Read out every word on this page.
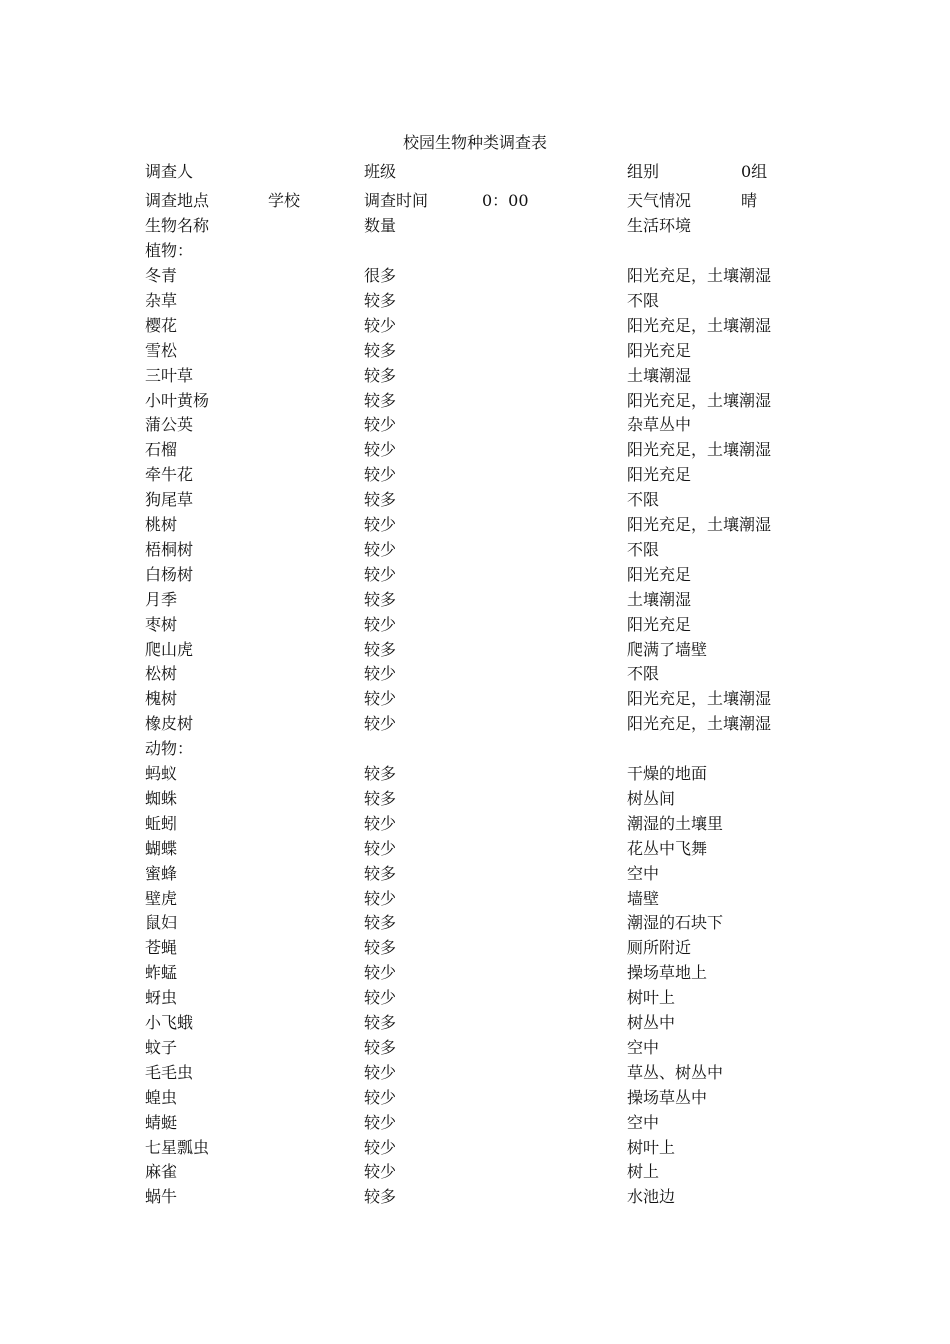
校园生物种类调查表
调查人	班级	组别	0组
调查地点	学校	调查时间	0：00	天气情况	晴
生物名称	数量	生活环境
植物：
冬青	很多	阳光充足，土壤潮湿
杂草	较多	不限
樱花	较少	阳光充足，土壤潮湿
雪松	较多	阳光充足
三叶草	较多	土壤潮湿
小叶黄杨	较多	阳光充足，土壤潮湿
蒲公英	较少	杂草丛中
石榴	较少	阳光充足，土壤潮湿
牵牛花	较少	阳光充足
狗尾草	较多	不限
桃树	较少	阳光充足，土壤潮湿
梧桐树	较少	不限
白杨树	较少	阳光充足
月季	较多	土壤潮湿
枣树	较少	阳光充足
爬山虎	较多	爬满了墙壁
松树	较少	不限
槐树	较少	阳光充足，土壤潮湿
橡皮树	较少	阳光充足，土壤潮湿
动物：
蚂蚁	较多	干燥的地面
蜘蛛	较多	树丛间
蚯蚓	较少	潮湿的土壤里
蝴蝶	较少	花丛中飞舞
蜜蜂	较多	空中
壁虎	较少	墙壁
鼠妇	较多	潮湿的石块下
苍蝇	较多	厕所附近
蚱蜢	较少	操场草地上
蚜虫	较少	树叶上
小飞蛾	较多	树丛中
蚊子	较多	空中
毛毛虫	较少	草丛、树丛中
蝗虫	较少	操场草丛中
蜻蜓	较少	空中
七星瓢虫	较少	树叶上
麻雀	较少	树上
蜗牛	较多	水池边
